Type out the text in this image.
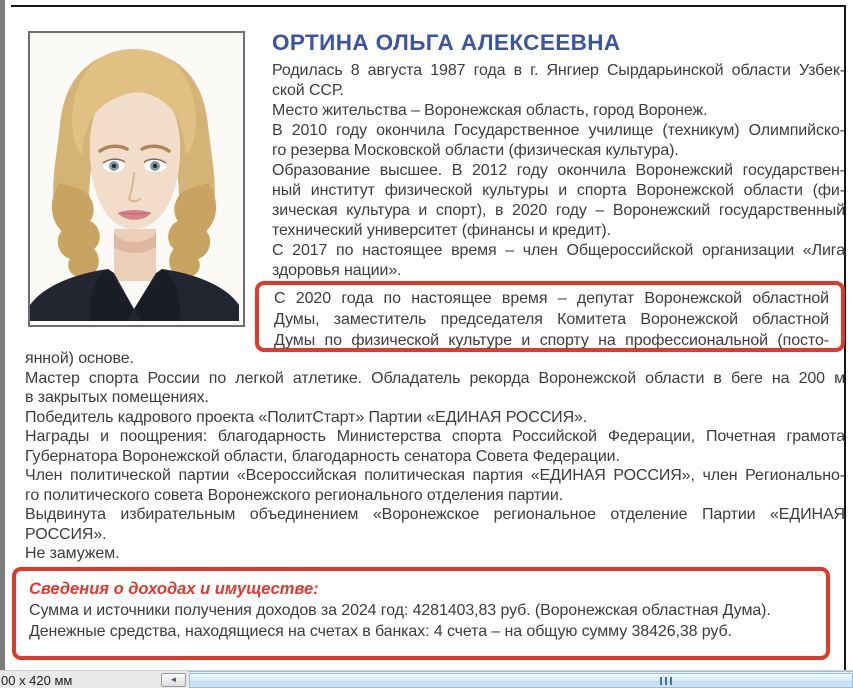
ОРТИНА ОЛЬГА АЛЕКСЕЕВНА
Родилась 8 августа 1987 года в г. Янгиер Сырдарьинской области Узбек-
ской ССР.
Место жительства – Воронежская область, город Воронеж.
В 2010 году окончила Государственное училище (техникум) Олимпийско-
го резерва Московской области (физическая культура).
Образование высшее. В 2012 году окончила Воронежский государствен-
ный институт физической культуры и спорта Воронежской области (фи-
зическая культура и спорт), в 2020 году – Воронежский государственный
технический университет (финансы и кредит).
С 2017 по настоящее время – член Общероссийской организации «Лига
здоровья нации».
С 2020 года по настоящее время – депутат Воронежской областной
Думы, заместитель председателя Комитета Воронежской областной
Думы по физической культуре и спорту на профессиональной (посто-
янной) основе.
Мастер спорта России по легкой атлетике. Обладатель рекорда Воронежской области в беге на 200 м
в закрытых помещениях.
Победитель кадрового проекта «ПолитСтарт» Партии «ЕДИНАЯ РОССИЯ».
Награды и поощрения: благодарность Министерства спорта Российской Федерации, Почетная грамота
Губернатора Воронежской области, благодарность сенатора Совета Федерации.
Член политической партии «Всероссийская политическая партия «ЕДИНАЯ РОССИЯ», член Регионально-
го политического совета Воронежского регионального отделения партии.
Выдвинута избирательным объединением «Воронежское региональное отделение Партии «ЕДИНАЯ
РОССИЯ».
Не замужем.
Сведения о доходах и имуществе:
Сумма и источники получения доходов за 2024 год: 4281403,83 руб. (Воронежская областная Дума).
Денежные средства, находящиеся на счетах в банках: 4 счета – на общую сумму 38426,38 руб.
00 x 420 мм	◄
